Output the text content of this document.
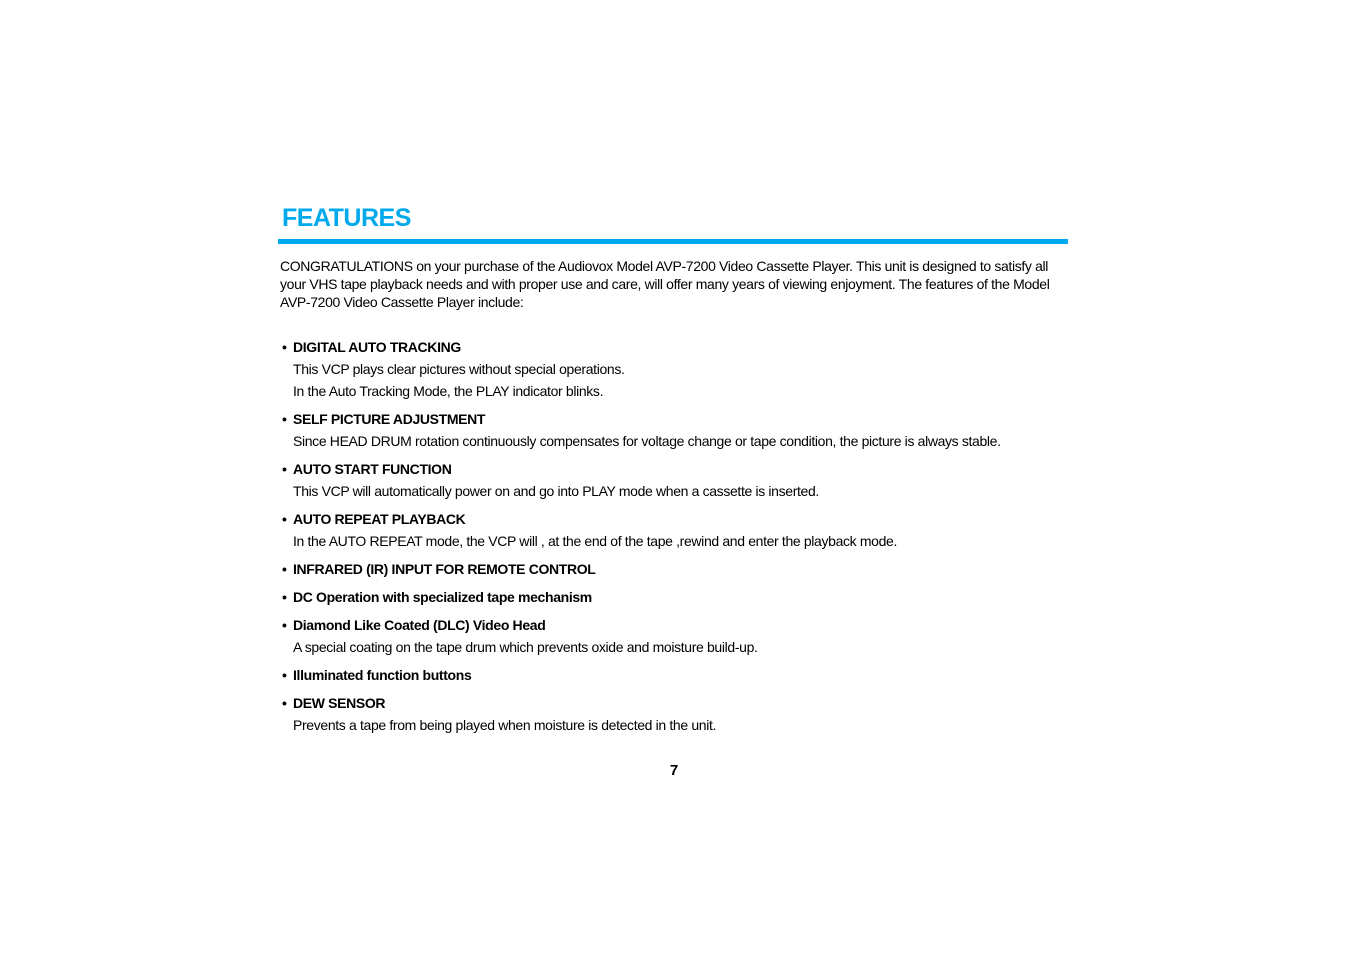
FEATURES

CONGRATULATIONS on your purchase of the Audiovox Model AVP-7200 Video Cassette Player. This unit is designed to satisfy all your VHS tape playback needs and with proper use and care, will offer many years of viewing enjoyment. The features of the Model AVP-7200 Video Cassette Player include:

• DIGITAL AUTO TRACKING
This VCP plays clear pictures without special operations.
In the Auto Tracking Mode, the PLAY indicator blinks.
• SELF PICTURE ADJUSTMENT
Since HEAD DRUM rotation continuously compensates for voltage change or tape condition, the picture is always stable.
• AUTO START FUNCTION
This VCP will automatically power on and go into PLAY mode when a cassette is inserted.
• AUTO REPEAT PLAYBACK
In the AUTO REPEAT mode, the VCP will , at the end of the tape ,rewind and enter the playback mode.
• INFRARED (IR) INPUT FOR REMOTE CONTROL
• DC Operation with specialized tape mechanism
• Diamond Like Coated (DLC) Video Head
A special coating on the tape drum which prevents oxide and moisture build-up.
• Illuminated function buttons
• DEW SENSOR
Prevents a tape from being played when moisture is detected in the unit.
7
